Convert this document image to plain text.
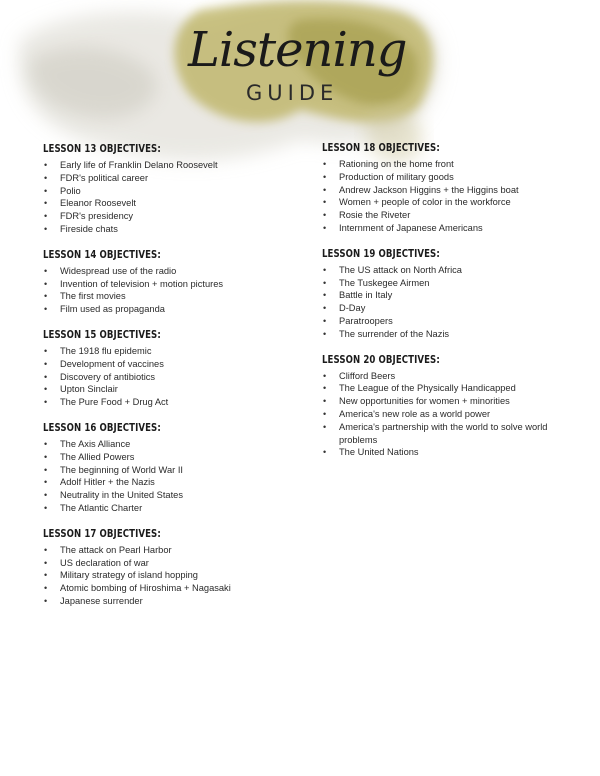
Listening
GUIDE
LESSON 13 OBJECTIVES:
• Early life of Franklin Delano Roosevelt
• FDR's political career
• Polio
• Eleanor Roosevelt
• FDR's presidency
• Fireside chats
LESSON 14 OBJECTIVES:
• Widespread use of the radio
• Invention of television + motion pictures
• The first movies
• Film used as propaganda
LESSON 15 OBJECTIVES:
• The 1918 flu epidemic
• Development of vaccines
• Discovery of antibiotics
• Upton Sinclair
• The Pure Food + Drug Act
LESSON 16 OBJECTIVES:
• The Axis Alliance
• The Allied Powers
• The beginning of World War II
• Adolf Hitler + the Nazis
• Neutrality in the United States
• The Atlantic Charter
LESSON 17 OBJECTIVES:
• The attack on Pearl Harbor
• US declaration of war
• Military strategy of island hopping
• Atomic bombing of Hiroshima + Nagasaki
• Japanese surrender
LESSON 18 OBJECTIVES:
• Rationing on the home front
• Production of military goods
• Andrew Jackson Higgins + the Higgins boat
• Women + people of color in the workforce
• Rosie the Riveter
• Internment of Japanese Americans
LESSON 19 OBJECTIVES:
• The US attack on North Africa
• The Tuskegee Airmen
• Battle in Italy
• D-Day
• Paratroopers
• The surrender of the Nazis
LESSON 20 OBJECTIVES:
• Clifford Beers
• The League of the Physically Handicapped
• New opportunities for women + minorities
• America's new role as a world power
• America's partnership with the world to solve world problems
• The United Nations
